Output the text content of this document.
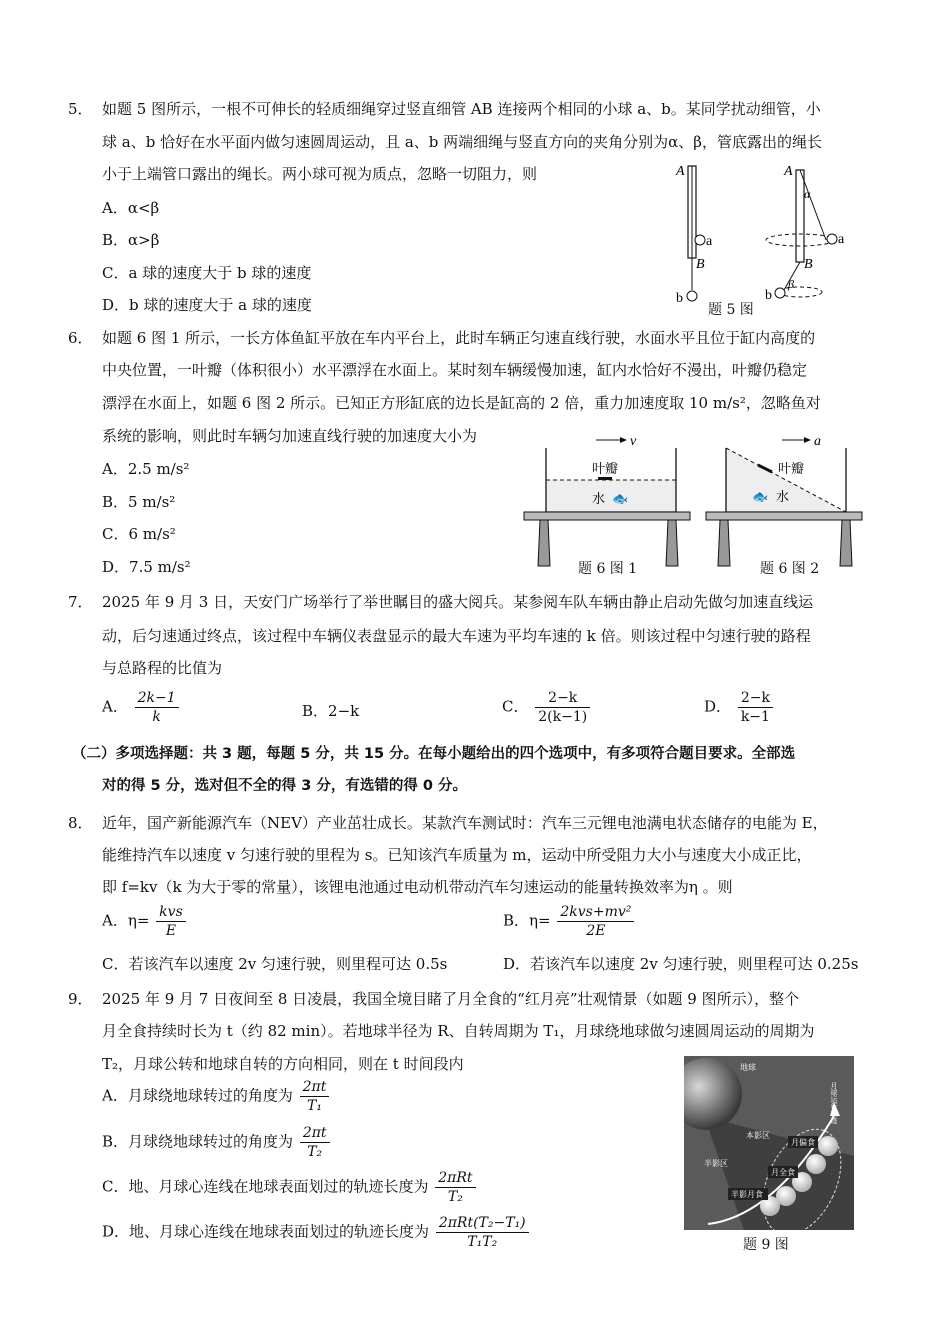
5． 如题 5 图所示，一根不可伸长的轻质细绳穿过竖直细管 AB 连接两个相同的小球 a、b。某同学扰动细管，小
球 a、b 恰好在水平面内做匀速圆周运动，且 a、b 两端细绳与竖直方向的夹角分别为α、β，管底露出的绳长
小于上端管口露出的绳长。两小球可视为质点，忽略一切阻力，则
A．α<β
B．α>β
C．a 球的速度大于 b 球的速度
D．b 球的速度大于 a 球的速度
A
a
B
b
A
α
a
B
β
b
题 5 图
6． 如题 6 图 1 所示，一长方体鱼缸平放在车内平台上，此时车辆正匀速直线行驶，水面水平且位于缸内高度的
中央位置，一叶瓣（体积很小）水平漂浮在水面上。某时刻车辆缓慢加速，缸内水恰好不漫出，叶瓣仍稳定
漂浮在水面上，如题 6 图 2 所示。已知正方形缸底的边长是缸高的 2 倍，重力加速度取 10 m/s²，忽略鱼对
系统的影响，则此时车辆匀加速直线行驶的加速度大小为
A．2.5 m/s²
B．5 m/s²
C．6 m/s²
D．7.5 m/s²
v
叶瓣
水 🐟
题 6 图 1
a
叶瓣
🐟 水
题 6 图 2
7． 2025 年 9 月 3 日，天安门广场举行了举世瞩目的盛大阅兵。某参阅车队车辆由静止启动先做匀加速直线运
动，后匀速通过终点，该过程中车辆仪表盘显示的最大车速为平均车速的 k 倍。则该过程中匀速行驶的路程
与总路程的比值为
A． $\frac{2k-1}{k}$	B．2−k	C． $\frac{2-k}{2(k-1)}$	D． $\frac{2-k}{k-1}$
（二）多项选择题：共 3 题，每题 5 分，共 15 分。在每小题给出的四个选项中，有多项符合题目要求。全部选
对的得 5 分，选对但不全的得 3 分，有选错的得 0 分。
8． 近年，国产新能源汽车（NEV）产业茁壮成长。某款汽车测试时：汽车三元锂电池满电状态储存的电能为 E，
能维持汽车以速度 v 匀速行驶的里程为 s。已知该汽车质量为 m，运动中所受阻力大小与速度大小成正比，
即 f=kv（k 为大于零的常量），该锂电池通过电动机带动汽车匀速运动的能量转换效率为η 。则
A．$\eta= \frac{\text{kvs}}{E}$	B．$\eta= \frac{\text{2kvs+mv²}}{2E}$
C．若该汽车以速度 2v 匀速行驶，则里程可达 0.5s	D．若该汽车以速度 2v 匀速行驶，则里程可达 0.25s
9． 2025 年 9 月 7 日夜间至 8 日凌晨，我国全境目睹了月全食的“红月亮”壮观情景（如题 9 图所示），整个
月全食持续时长为 t（约 82 min）。若地球半径为 R、自转周期为 T₁，月球绕地球做匀速圆周运动的周期为
T₂，月球公转和地球自转的方向相同，则在 t 时间段内
A．月球绕地球转过的角度为 $\frac{2\pi t}{\text{T₁}}$
B．月球绕地球转过的角度为 $\frac{2\pi t}{\text{T₂}}$
C．地、月球心连线在地球表面划过的轨迹长度为 $\frac{\text{2πRt}}{\text{T₂}}$
D．地、月球心连线在地球表面划过的轨迹长度为 $\frac{\text{2πRt(T₂−T₁)}}{\text{T₁T₂}}$
地球
本影区
半影区
月球运行轨迹
月偏食
月全食
半影月食
题 9 图
